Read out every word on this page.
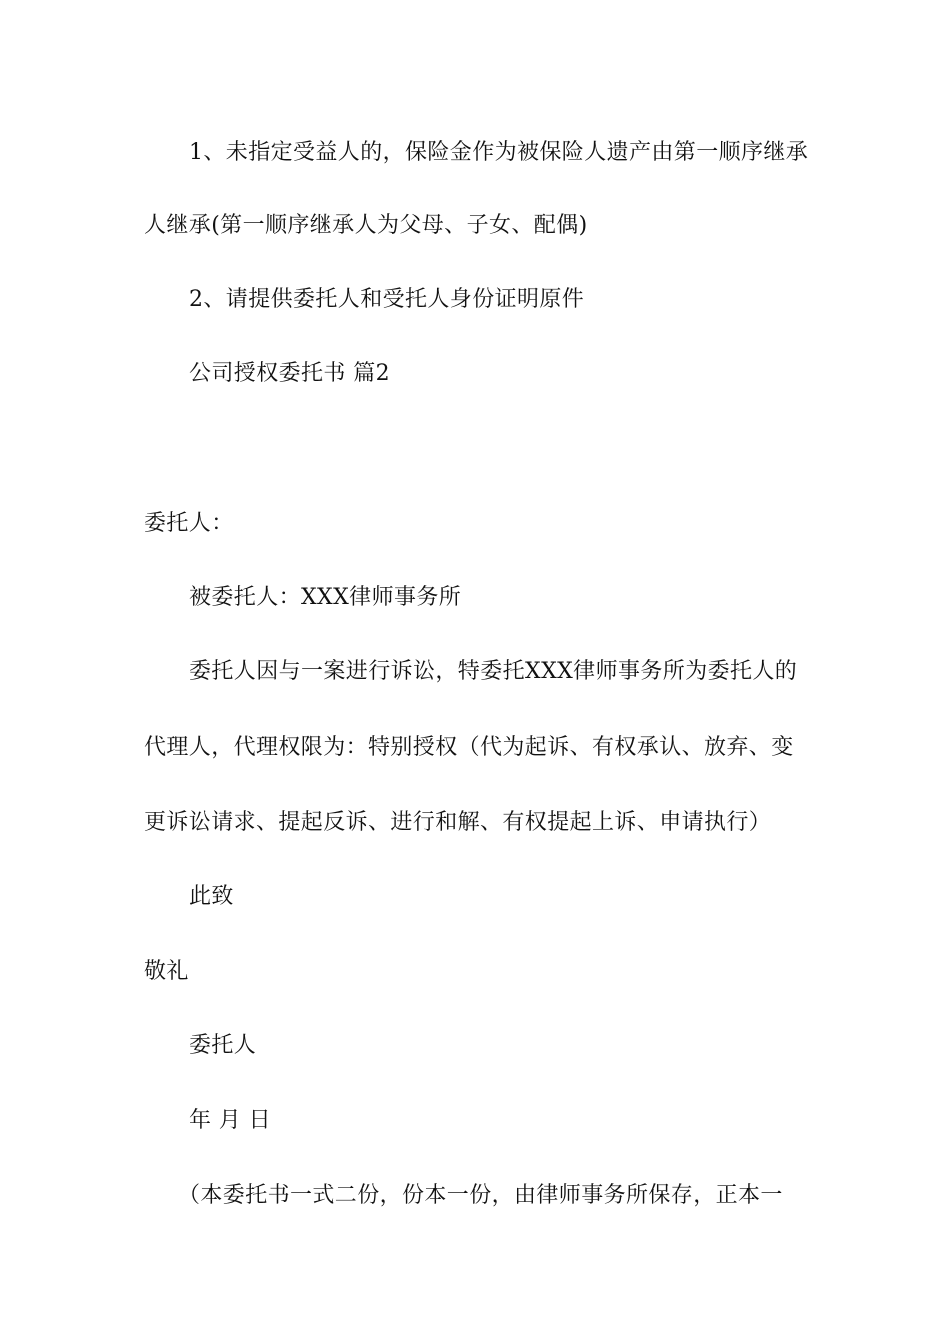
1、未指定受益人的，保险金作为被保险人遗产由第一顺序继承
人继承(第一顺序继承人为父母、子女、配偶)
2、请提供委托人和受托人身份证明原件
公司授权委托书 篇2
委托人：
被委托人：XXX律师事务所
委托人因与一案进行诉讼，特委托XXX律师事务所为委托人的
代理人，代理权限为：特别授权（代为起诉、有权承认、放弃、变
更诉讼请求、提起反诉、进行和解、有权提起上诉、申请执行）
此致
敬礼
委托人
年 月 日
（本委托书一式二份，份本一份，由律师事务所保存，正本一
